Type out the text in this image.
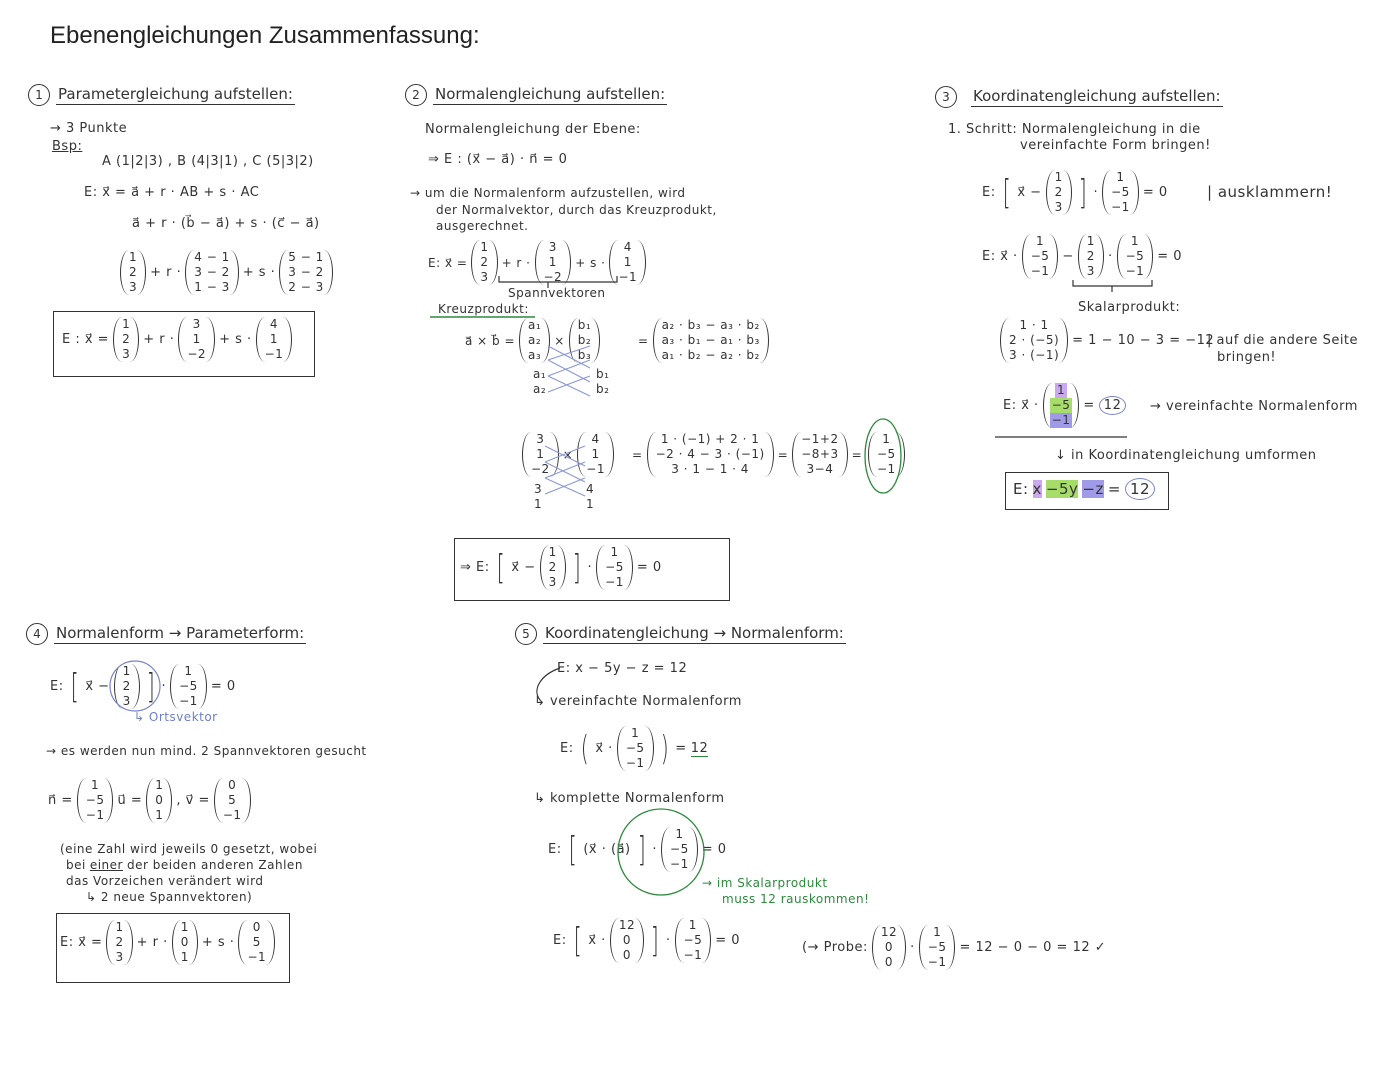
Ebenengleichungen Zusammenfassung:
1	Parametergleichung aufstellen:
→ 3 Punkte
Bsp:
A (1|2|3) , B (4|3|1) , C (5|3|2)
E: x⃗ = a⃗ + r · AB + s · AC
a⃗ + r · (b⃗ − a⃗) + s · (c⃗ − a⃗)
1
2
3
+ r ·
4 − 1
3 − 2
1 − 3
+ s ·
5 − 1
3 − 2
2 − 3
E : x⃗ =
1
2
3
+ r ·
3
1
−2
+ s ·
4
1
−1
2	Normalengleichung aufstellen:
Normalengleichung der Ebene:
⇒ E : (x⃗ − a⃗) · n⃗ = 0
→ um die Normalenform aufzustellen, wird
der Normalvektor, durch das Kreuzprodukt,
ausgerechnet.
E: x⃗ =
1
2
3
+ r ·
3
1
−2
+ s ·
4
1
−1
Spannvektoren
Kreuzprodukt:
a⃗ × b⃗ =
a₁
a₂
a₃
×
b₁
b₂
b₃
a₁
a₂
b₁
b₂
=
a₂ · b₃ − a₃ · b₂
a₃ · b₁ − a₁ · b₃
a₁ · b₂ − a₂ · b₂
3
1
−2
×
4
1
−1
3
1
4
1
=
1 · (−1) + 2 · 1
−2 · 4 − 3 · (−1)
3 · 1 − 1 · 4
=
−1+2
−8+3
3−4
=
1
−5
−1
⇒ E: [ x⃗ −
1
2
3 ] ·
1
−5
−1
= 0
3	Koordinatengleichung aufstellen:
1. Schritt: Normalengleichung in die
vereinfachte Form bringen!
E: [ x⃗ −
1
2
3 ] ·
1
−5
−1
= 0	| ausklammern!
E: x⃗ ·
1
−5
−1
−
1
2
3
·
1
−5
−1
= 0
Skalarprodukt:
1 · 1
2 · (−5)
3 · (−1)
= 1 − 10 − 3 = −12
| auf die andere Seite
bringen!
E: x⃗ ·
1
−5
−1
= 12	→ vereinfachte Normalenform
↓ in Koordinatengleichung umformen
E: x −5y −z = 12
4	Normalenform → Parameterform:
E: [ x⃗ −
1
2
3 ] ·
1
−5
−1
= 0
↳ Ortsvektor
→ es werden nun mind. 2 Spannvektoren gesucht
n⃗ =
1
−5
−1
u⃗ =
1
0
1
, v⃗ =
0
5
−1
(eine Zahl wird jeweils 0 gesetzt, wobei
bei einer der beiden anderen Zahlen
das Vorzeichen verändert wird
↳ 2 neue Spannvektoren)
E: x⃗ =
1
2
3
+ r ·
1
0
1
+ s ·
0
5
−1
5	Koordinatengleichung → Normalenform:
E: x − 5y − z = 12
↳ vereinfachte Normalenform
E: ( x⃗ ·
1
−5
−1 ) = 12
↳ komplette Normalenform
E: [ (x⃗ · (a⃗) ] ·
1
−5
−1
= 0
→ im Skalarprodukt
muss 12 rauskommen!
E: [ x⃗ ·
12
0
0 ] ·
1
−5
−1
= 0	(→ Probe:
12
0
0
·
1
−5
−1
= 12 − 0 − 0 = 12 ✓
